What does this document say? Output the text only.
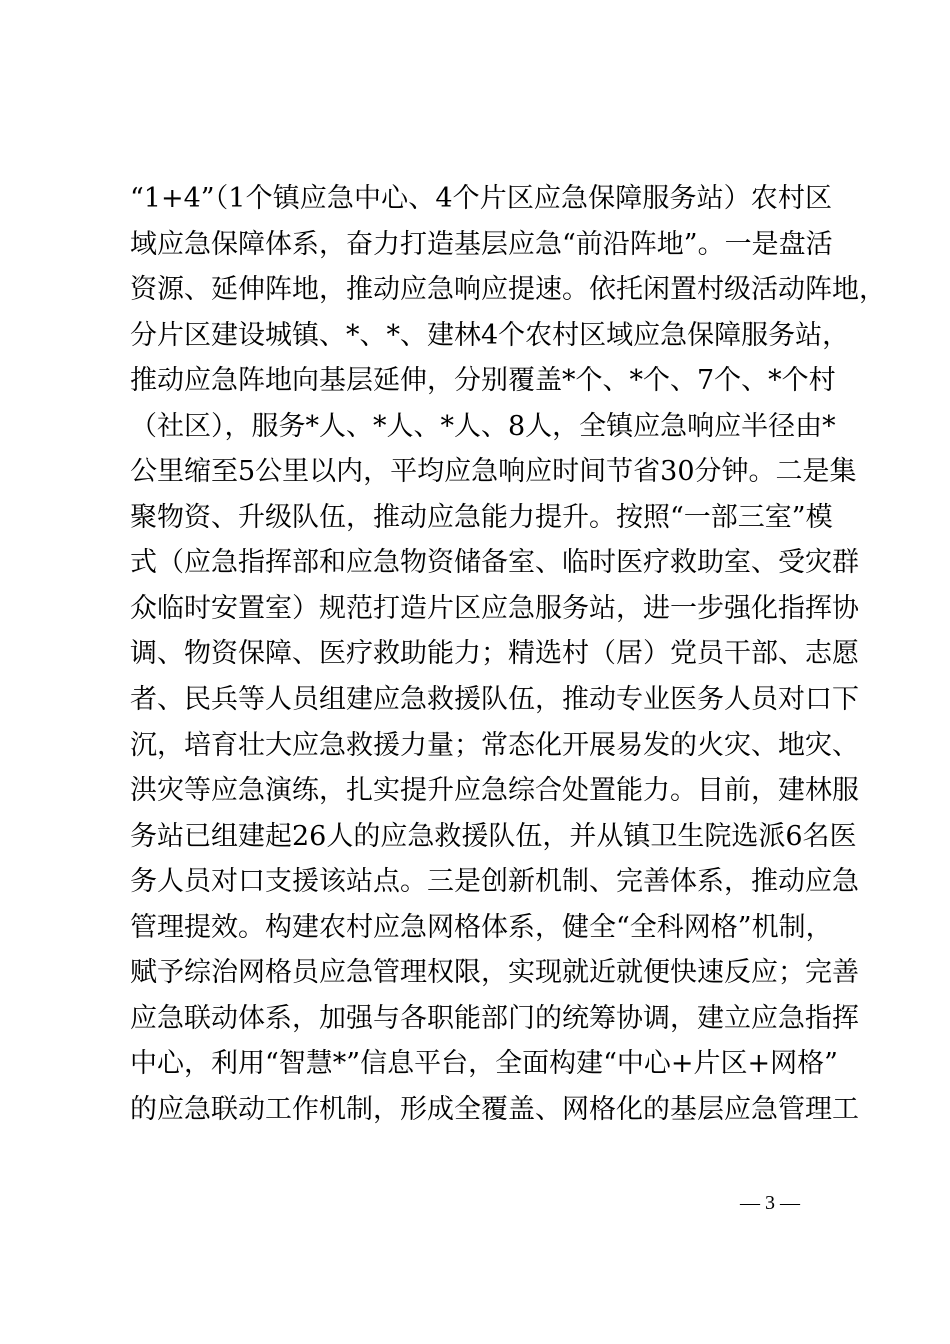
“1+4”（1个镇应急中心、4个片区应急保障服务站）农村区
域应急保障体系，奋力打造基层应急“前沿阵地”。一是盘活
资源、延伸阵地，推动应急响应提速。依托闲置村级活动阵地，
分片区建设城镇、*、*、建林4个农村区域应急保障服务站，
推动应急阵地向基层延伸，分别覆盖*个、*个、7个、*个村
（社区），服务*人、*人、*人、8人，全镇应急响应半径由*
公里缩至5公里以内，平均应急响应时间节省30分钟。二是集
聚物资、升级队伍，推动应急能力提升。按照“一部三室”模
式（应急指挥部和应急物资储备室、临时医疗救助室、受灾群
众临时安置室）规范打造片区应急服务站，进一步强化指挥协
调、物资保障、医疗救助能力；精选村（居）党员干部、志愿
者、民兵等人员组建应急救援队伍，推动专业医务人员对口下
沉，培育壮大应急救援力量；常态化开展易发的火灾、地灾、
洪灾等应急演练，扎实提升应急综合处置能力。目前，建林服
务站已组建起26人的应急救援队伍，并从镇卫生院选派6名医
务人员对口支援该站点。三是创新机制、完善体系，推动应急
管理提效。构建农村应急网格体系，健全“全科网格”机制，
赋予综治网格员应急管理权限，实现就近就便快速反应；完善
应急联动体系，加强与各职能部门的统筹协调，建立应急指挥
中心，利用“智慧*”信息平台，全面构建“中心+片区+网格”
的应急联动工作机制，形成全覆盖、网格化的基层应急管理工
— 3 —
